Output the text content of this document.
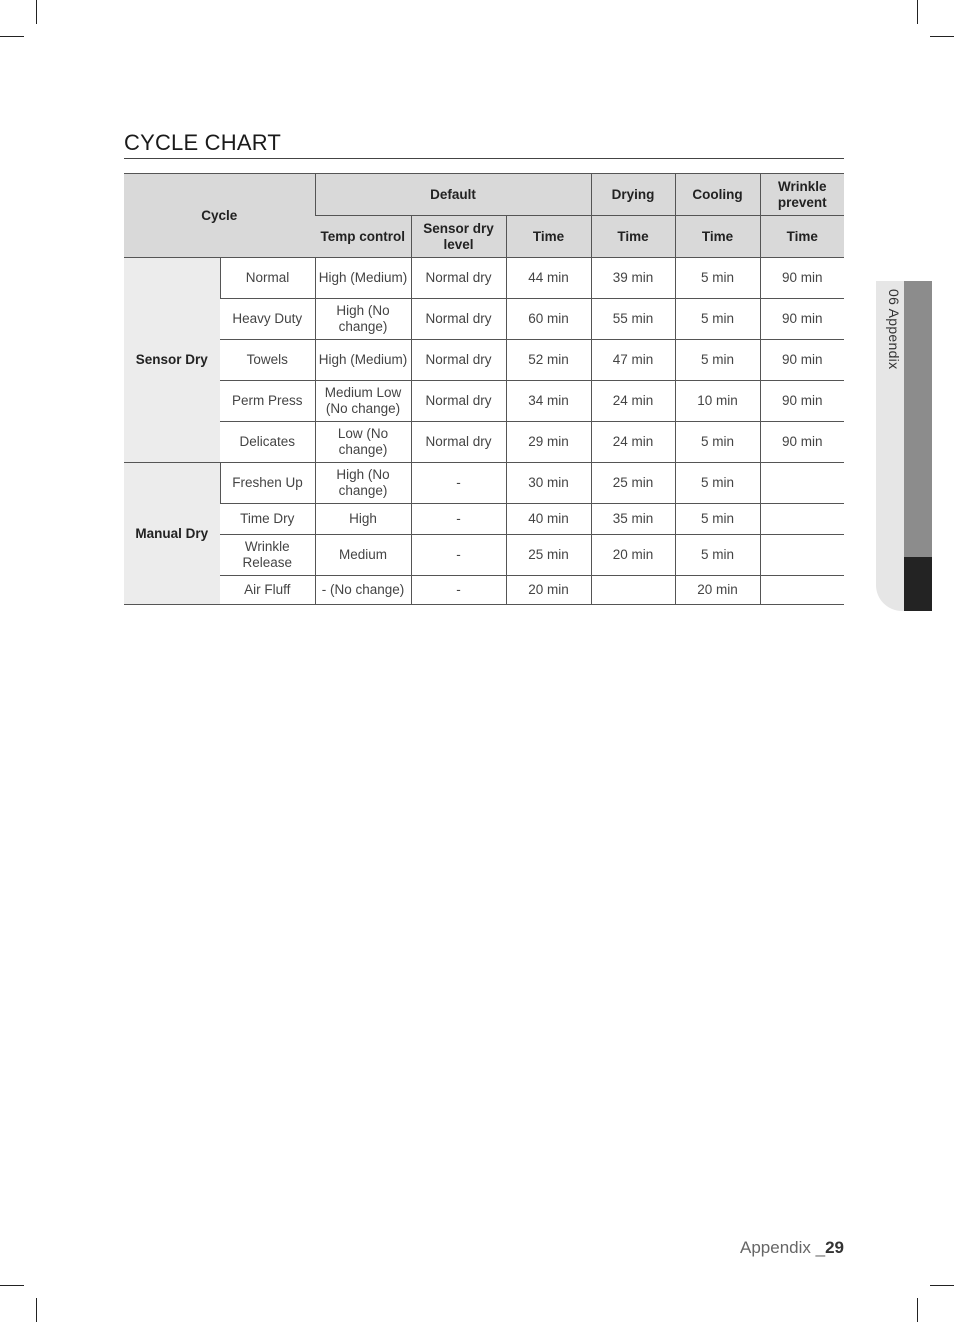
CYCLE CHART
Cycle		Default			Drying	Cooling	Wrinkle prevent
		Temp control	Sensor dry level	Time	Time	Time	Time
Sensor Dry	Normal	High (Medium)	Normal dry	44 min	39 min	5 min	90 min
	Heavy Duty	High (No change)	Normal dry	60 min	55 min	5 min	90 min
	Towels	High (Medium)	Normal dry	52 min	47 min	5 min	90 min
	Perm Press	Medium Low (No change)	Normal dry	34 min	24 min	10 min	90 min
	Delicates	Low (No change)	Normal dry	29 min	24 min	5 min	90 min
Manual Dry	Freshen Up	High (No change)	-	30 min	25 min	5 min	
	Time Dry	High	-	40 min	35 min	5 min	
	Wrinkle Release	Medium	-	25 min	20 min	5 min	
	Air Fluff	- (No change)	-	20 min		20 min	
06 Appendix
Appendix _29
